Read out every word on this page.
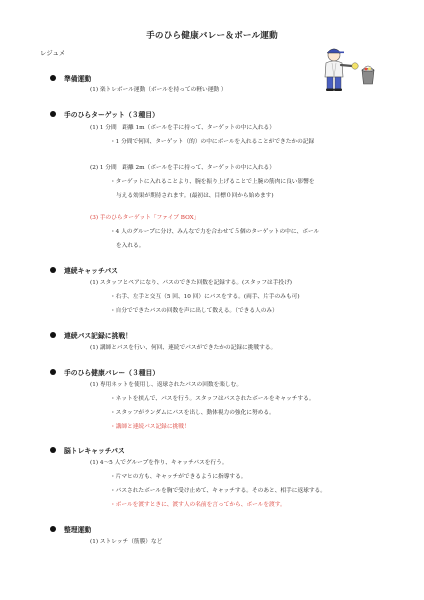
手のひら健康バレー＆ボール運動
レジュメ
準備運動
(1) 楽トレボール運動（ボールを持っての軽い運動 ）
手のひらターゲット（３種目）
(1) 1 分間　距離 1m（ボールを手に持って、ターゲットの中に入れる）
・1 分間で何回、ターゲット（的）の中にボールを入れることができたかの記録
(2) 1 分間　距離 2m（ボールを手に持って、ターゲットの中に入れる）
・ターゲットに入れることより、腕を振り上げることで上腕の筋肉に良い影響を
与える効果が期待されます。(最初は、目標０回から始めます)
(3) 手のひらターゲット「ファイブ BOX」
・4 人のグループに分け、みんなで力を合わせて５個のターゲットの中に、ボール
を入れる。
連続キャッチパス
(1) スタッフとペアになり、パスのできた回数を記録する。(スタッフは手投げ)
・右手、左手と交互（5 回、10 回）にパスをする。(両手、片手のみも可)
・自分でできたパスの回数を声に出して数える。（できる人のみ）
連続パス記録に挑戦！
(1) 講師とパスを行い、何回、連続でパスができたかの記録に挑戦する。
手のひら健康バレー（３種目）
(1) 専用ネットを使用し、返球されたパスの回数を楽しむ。
・ネットを挟んで、パスを行う。スタッフはパスされたボールをキャッチする。
・スタッフがランダムにパスを出し、動体視力の強化に努める。
・講師と連続パス記録に挑戦！
脳トレキャッチパス
(1) 4～5 人でグループを作り、キャッチパスを行う。
・片マヒの方も、キャッチができるように指導する。
・パスされたボールを胸で受け止めて、キャッチする。そのあと、相手に返球する。
・ボールを渡すときに、渡す人の名前を言ってから、ボールを渡す。
整理運動
(1) ストレッチ（筋膜）など
